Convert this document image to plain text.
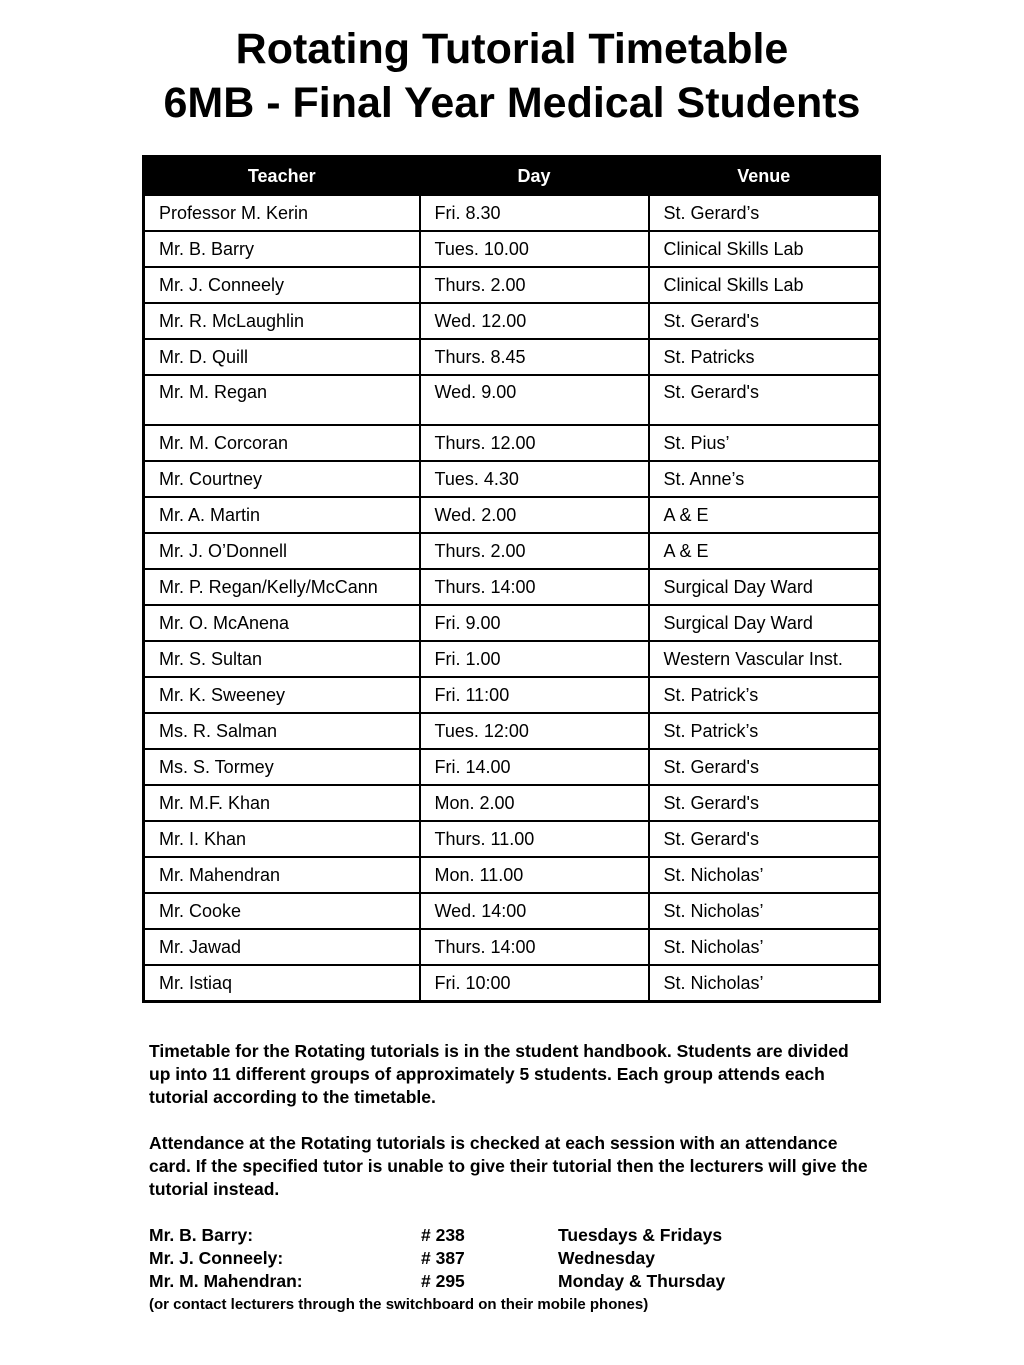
Rotating Tutorial Timetable
6MB - Final Year Medical Students
Teacher	Day	Venue
Professor M. Kerin	Fri. 8.30	St. Gerard’s
Mr. B. Barry	Tues. 10.00	Clinical Skills Lab
Mr. J. Conneely	Thurs. 2.00	Clinical Skills Lab
Mr. R. McLaughlin	Wed. 12.00	St. Gerard's
Mr. D. Quill	Thurs. 8.45	St. Patricks
Mr. M. Regan	Wed. 9.00	St. Gerard's
Mr. M. Corcoran	Thurs. 12.00	St. Pius’
Mr. Courtney	Tues. 4.30	St. Anne’s
Mr. A. Martin	Wed. 2.00	A & E
Mr. J. O’Donnell	Thurs. 2.00	A & E
Mr. P. Regan/Kelly/McCann	Thurs. 14:00	Surgical Day Ward
Mr. O. McAnena	Fri. 9.00	Surgical Day Ward
Mr. S. Sultan	Fri. 1.00	Western Vascular Inst.
Mr. K. Sweeney	Fri. 11:00	St. Patrick’s
Ms. R. Salman	Tues. 12:00	St. Patrick’s
Ms. S. Tormey	Fri. 14.00	St. Gerard's
Mr. M.F. Khan	Mon. 2.00	St. Gerard's
Mr. I. Khan	Thurs. 11.00	St. Gerard's
Mr. Mahendran	Mon. 11.00	St. Nicholas’
Mr. Cooke	Wed. 14:00	St. Nicholas’
Mr. Jawad	Thurs. 14:00	St. Nicholas’
Mr. Istiaq	Fri. 10:00	St. Nicholas’

Timetable for the Rotating tutorials is in the student handbook. Students are divided up into 11 different groups of approximately 5 students. Each group attends each tutorial according to the timetable.

Attendance at the Rotating tutorials is checked at each session with an attendance card. If the specified tutor is unable to give their tutorial then the lecturers will give the tutorial instead.

Mr. B. Barry:	# 238	Tuesdays & Fridays
Mr. J. Conneely:	# 387	Wednesday
Mr. M. Mahendran:	# 295	Monday & Thursday

(or contact lecturers through the switchboard on their mobile phones)
